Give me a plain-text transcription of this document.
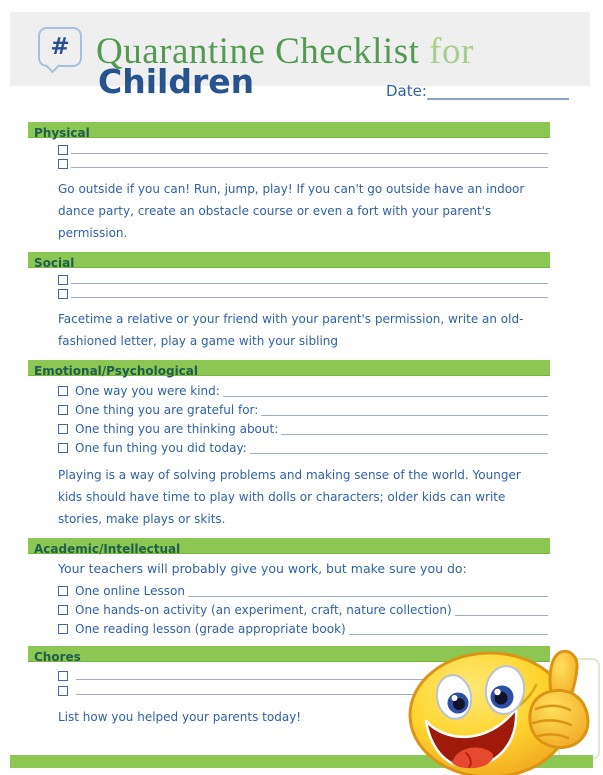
# Quarantine Checklist for
Children	Date:
Physical
Go outside if you can! Run, jump, play! If you can't go outside have an indoor dance party, create an obstacle course or even a fort with your parent's permission.
Social
Facetime a relative or your friend with your parent's permission, write an old-fashioned letter, play a game with your sibling
Emotional/Psychological
One way you were kind:
One thing you are grateful for:
One thing you are thinking about:
One fun thing you did today:
Playing is a way of solving problems and making sense of the world. Younger kids should have time to play with dolls or characters; older kids can write stories, make plays or skits.
Academic/Intellectual
Your teachers will probably give you work, but make sure you do:
One online Lesson
One hands-on activity (an experiment, craft, nature collection)
One reading lesson (grade appropriate book)
Chores
List how you helped your parents today!
